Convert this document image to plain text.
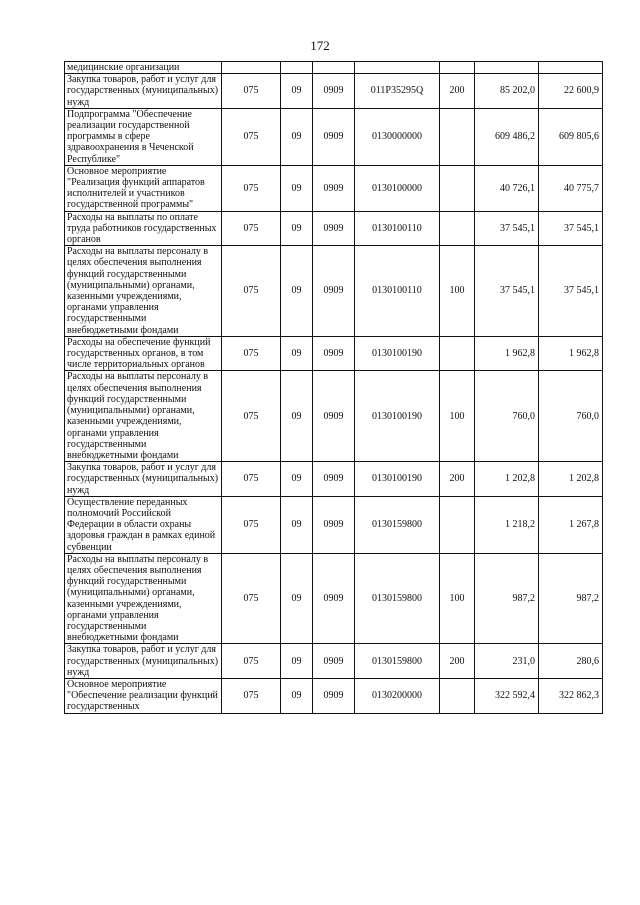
172
медицинские организации							
Закупка товаров, работ и услуг для государственных (муниципальных) нужд	075	09	0909	011P35295Q	200	85 202,0	22 600,9
Подпрограмма "Обеспечение реализации государственной программы в сфере здравоохранения в Чеченской Республике"	075	09	0909	0130000000		609 486,2	609 805,6
Основное мероприятие "Реализация функций аппаратов исполнителей и участников государственной программы"	075	09	0909	0130100000		40 726,1	40 775,7
Расходы на выплаты по оплате труда работников государственных органов	075	09	0909	0130100110		37 545,1	37 545,1
Расходы на выплаты персоналу в целях обеспечения выполнения функций государственными (муниципальными) органами, казенными учреждениями, органами управления государственными внебюджетными фондами	075	09	0909	0130100110	100	37 545,1	37 545,1
Расходы на обеспечение функций государственных органов, в том числе территориальных органов	075	09	0909	0130100190		1 962,8	1 962,8
Расходы на выплаты персоналу в целях обеспечения выполнения функций государственными (муниципальными) органами, казенными учреждениями, органами управления государственными внебюджетными фондами	075	09	0909	0130100190	100	760,0	760,0
Закупка товаров, работ и услуг для государственных (муниципальных) нужд	075	09	0909	0130100190	200	1 202,8	1 202,8
Осуществление переданных полномочий Российской Федерации в области охраны здоровья граждан в рамках единой субвенции	075	09	0909	0130159800		1 218,2	1 267,8
Расходы на выплаты персоналу в целях обеспечения выполнения функций государственными (муниципальными) органами, казенными учреждениями, органами управления государственными внебюджетными фондами	075	09	0909	0130159800	100	987,2	987,2
Закупка товаров, работ и услуг для государственных (муниципальных) нужд	075	09	0909	0130159800	200	231,0	280,6
Основное мероприятие "Обеспечение реализации функций государственных	075	09	0909	0130200000		322 592,4	322 862,3
